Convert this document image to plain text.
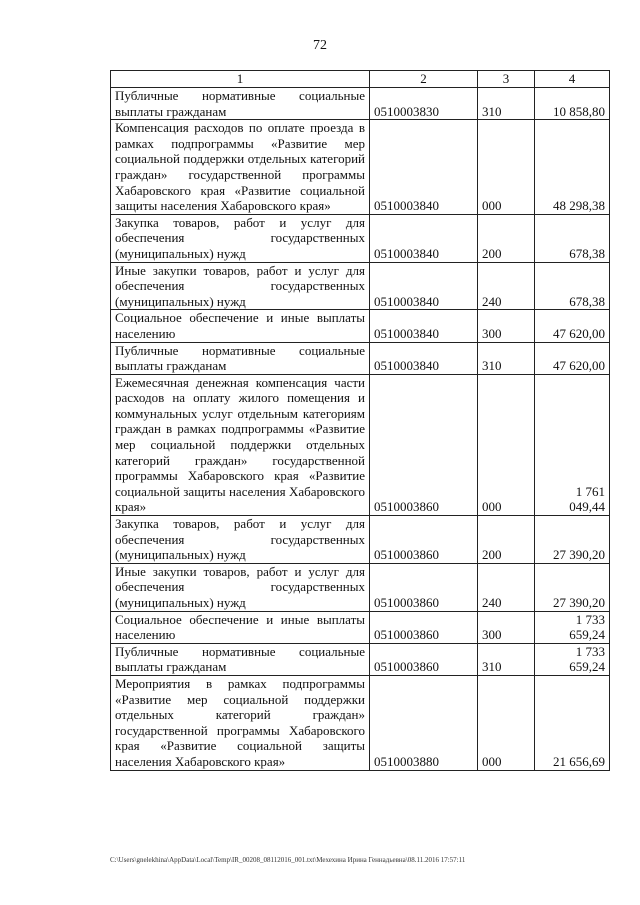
72
1	2	3	4
Публичные нормативные социальные выплаты гражданам	0510003830	310	10 858,80
Компенсация расходов по оплате проезда в рамках подпрограммы «Развитие мер социальной поддержки отдельных категорий граждан» государственной программы Хабаровского края «Развитие социальной защиты населения Хабаровского края»	0510003840	000	48 298,38
Закупка товаров, работ и услуг для обеспечения государственных (муниципальных) нужд	0510003840	200	678,38
Иные закупки товаров, работ и услуг для обеспечения государственных (муниципальных) нужд	0510003840	240	678,38
Социальное обеспечение и иные выплаты населению	0510003840	300	47 620,00
Публичные нормативные социальные выплаты гражданам	0510003840	310	47 620,00
Ежемесячная денежная компенсация части расходов на оплату жилого помещения и коммунальных услуг отдельным категориям граждан в рамках подпрограммы «Развитие мер социальной поддержки отдельных категорий граждан» государственной программы Хабаровского края «Развитие социальной защиты населения Хабаровского края»	0510003860	000	1 761 049,44
Закупка товаров, работ и услуг для обеспечения государственных (муниципальных) нужд	0510003860	200	27 390,20
Иные закупки товаров, работ и услуг для обеспечения государственных (муниципальных) нужд	0510003860	240	27 390,20
Социальное обеспечение и иные выплаты населению	0510003860	300	1 733 659,24
Публичные нормативные социальные выплаты гражданам	0510003860	310	1 733 659,24
Мероприятия в рамках подпрограммы «Развитие мер социальной поддержки отдельных категорий граждан» государственной программы Хабаровского края «Развитие социальной защиты населения Хабаровского края»	0510003880	000	21 656,69
C:\Users\gnelekhina\AppData\Local\Temp\IR_00208_08112016_001.txt\Мехехина Ирина Геннадьевна\08.11.2016 17:57:11
